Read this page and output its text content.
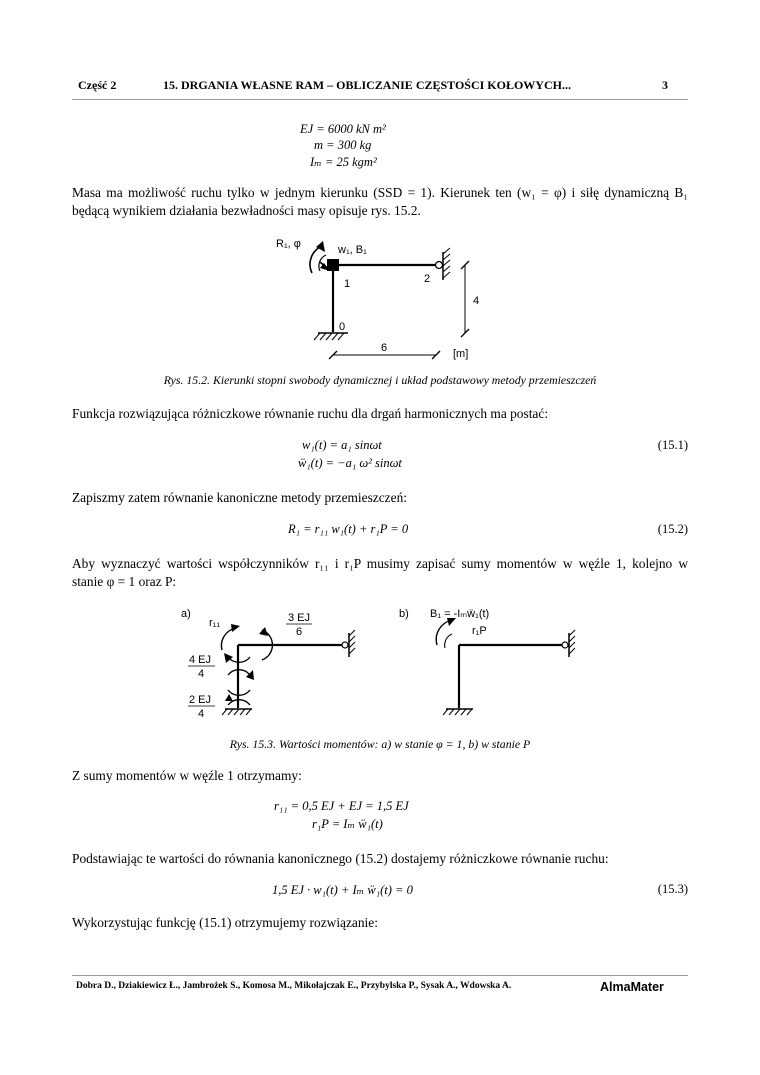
Część 2	15. DRGANIA WŁASNE RAM – OBLICZANIE CZĘSTOŚCI KOŁOWYCH...	3
EJ = 6000 kN m²
m = 300 kg
Iₘ = 25 kgm²
Masa ma możliwość ruchu tylko w jednym kierunku (SSD = 1). Kierunek ten (w₁ = φ) i siłę dynamiczną B₁
będącą wynikiem działania bezwładności masy opisuje rys. 15.2.
R₁, φ	w₁, B₁
1	2
0
4
6	[m]
a)
r₁₁	3 EJ
6
4 EJ
4
2 EJ
4
b) B₁ = -Iₘẅ₁(t)
r₁P
Rys. 15.2. Kierunki stopni swobody dynamicznej i układ podstawowy metody przemieszczeń
Funkcja rozwiązująca różniczkowe równanie ruchu dla drgań harmonicznych ma postać:
w₁(t) = a₁ sinωt
ẅ₁(t) = −a₁ ω² sinωt
(15.1)
Zapiszmy zatem równanie kanoniczne metody przemieszczeń:
R₁ = r₁₁ w₁(t) + r₁P = 0	(15.2)
Aby wyznaczyć wartości współczynników r₁₁ i r₁P musimy zapisać sumy momentów w węźle 1, kolejno w
stanie φ = 1 oraz P:
Rys. 15.3. Wartości momentów: a) w stanie φ = 1, b) w stanie P
Z sumy momentów w węźle 1 otrzymamy:
r₁₁ = 0,5 EJ + EJ = 1,5 EJ
r₁P = Iₘ ẅ₁(t)
Podstawiając te wartości do równania kanonicznego (15.2) dostajemy różniczkowe równanie ruchu:
1,5 EJ · w₁(t) + Iₘ ẅ₁(t) = 0	(15.3)
Wykorzystując funkcję (15.1) otrzymujemy rozwiązanie:
Dobra D., Dziakiewicz Ł., Jambrożek S., Komosa M., Mikołajczak E., Przybylska P., Sysak A., Wdowska A.	AlmaMater
